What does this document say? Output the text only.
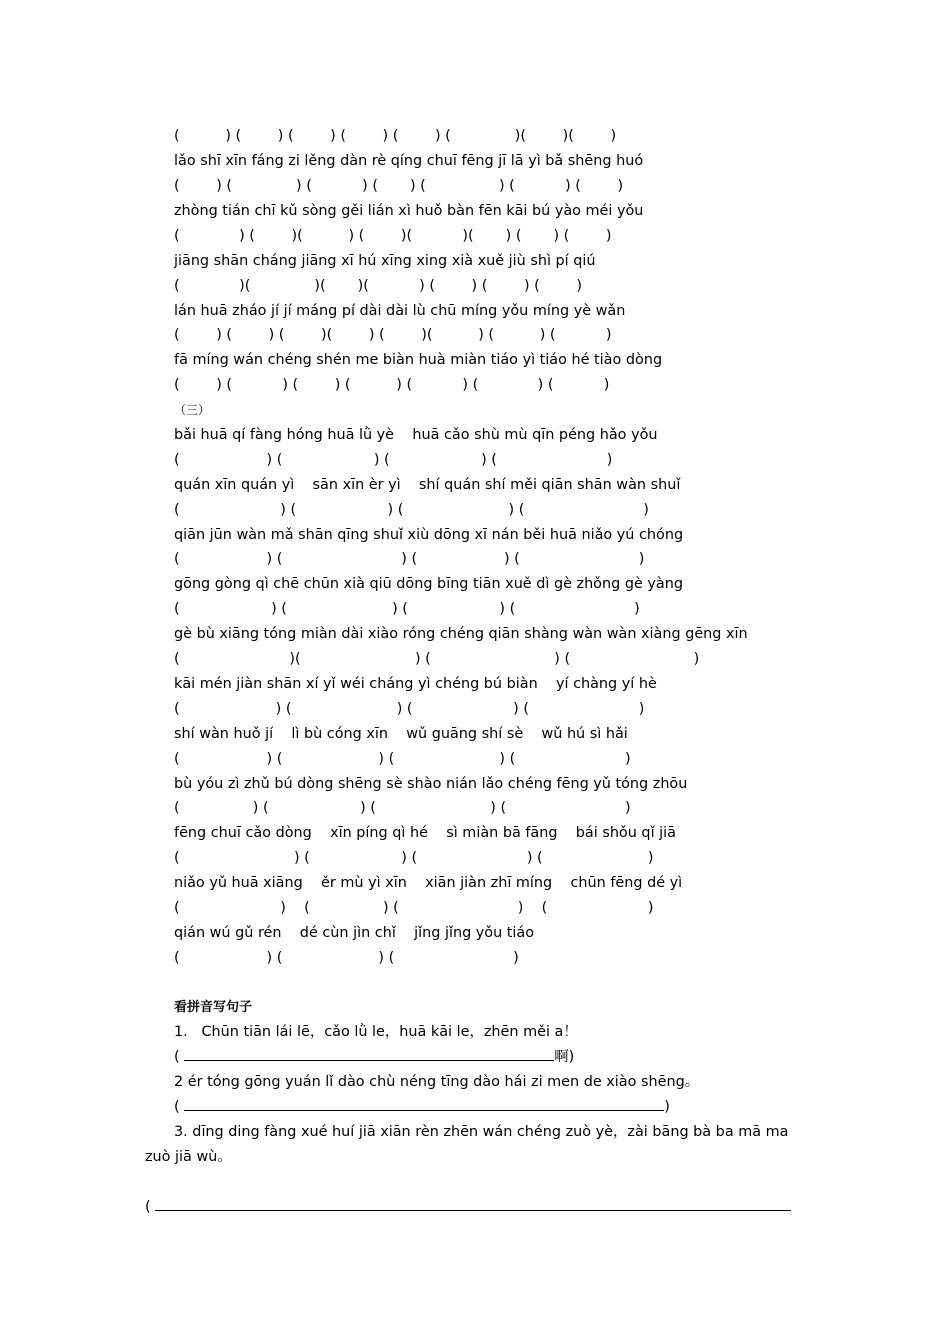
(          ) (        ) (        ) (        ) (        ) (              )(        )(        )
lǎo shī xīn fáng zi lěng dàn rè qíng chuī fēng jī lā yì bǎ shēng huó
(        ) (              ) (           ) (       ) (                ) (           ) (        )
zhòng tián chī kǔ sòng gěi lián xì huǒ bàn fēn kāi bú yào méi yǒu
(             ) (        )(          ) (        )(           )(       ) (       ) (        )
jiāng shān cháng jiāng xī hú xīng xing xià xuě jiù shì pí qiú
(             )(              )(       )(           ) (        ) (        ) (        )
lán huā zháo jí jí máng pí dài dài lù chū míng yǒu míng yè wǎn
(        ) (        ) (        )(        ) (        )(          ) (          ) (           )
fā míng wán chéng shén me biàn huà miàn tiáo yì tiáo hé tiào dòng
(        ) (           ) (        ) (          ) (           ) (             ) (           )
（三）
bǎi huā qí fàng hóng huā lǜ yè    huā cǎo shù mù qīn péng hǎo yǒu
(                   ) (                    ) (                    ) (                        )
quán xīn quán yì    sān xīn èr yì    shí quán shí měi qiān shān wàn shuǐ
(                      ) (                    ) (                       ) (                          )
qiān jūn wàn mǎ shān qīng shuǐ xiù dōng xī nán běi huā niǎo yú chóng
(                   ) (                          ) (                   ) (                          )
gōng gòng qì chē chūn xià qiū dōng bīng tiān xuě dì gè zhǒng gè yàng
(                    ) (                       ) (                    ) (                          )
gè bù xiāng tóng miàn dài xiào róng chéng qiān shàng wàn wàn xiàng gēng xīn
(                        )(                         ) (                           ) (                           )
kāi mén jiàn shān xí yǐ wéi cháng yì chéng bú biàn    yí chàng yí hè
(                     ) (                       ) (                      ) (                        )
shí wàn huǒ jí    lì bù cóng xīn    wǔ guāng shí sè    wǔ hú sì hǎi
(                   ) (                     ) (                       ) (                        )
bù yóu zì zhǔ bú dòng shēng sè shào nián lǎo chéng fēng yǔ tóng zhōu
(                ) (                    ) (                         ) (                          )
fēng chuī cǎo dòng    xīn píng qì hé    sì miàn bā fāng    bái shǒu qǐ jiā
(                         ) (                    ) (                        ) (                       )
niǎo yǔ huā xiāng    ěr mù yì xīn    xiān jiàn zhī míng    chūn fēng dé yì
(                      )    (                ) (                          )    (                      )
qián wú gǔ rén    dé cùn jìn chǐ    jǐng jǐng yǒu tiáo
(                   ) (                     ) (                          )
看拼音写句子
1.   Chūn tiān lái lē，cǎo lǜ le，huā kāi le，zhēn měi a！
(	啊)
2 ér tóng gōng yuán lǐ dào chù néng tīng dào hái zi men de xiào shēng。
(	)
3. dīng ding fàng xué huí jiā xiān rèn zhēn wán chéng zuò yè，zài bāng bà ba mā ma
zuò jiā wù。
(
